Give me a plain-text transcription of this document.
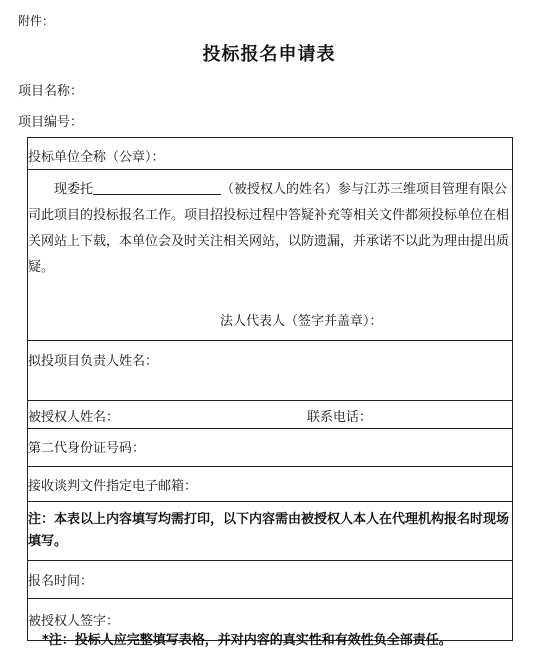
附件：
投标报名申请表
项目名称：
项目编号：
投标单位全称（公章）：
现委托	（被授权人的姓名）参与江苏三维项目管理有限公司此项目的投标报名工作。项目招投标过程中答疑补充等相关文件都须投标单位在相关网站上下载，本单位会及时关注相关网站，以防遗漏，并承诺不以此为理由提出质疑。
法人代表人（签字并盖章）：
拟投项目负责人姓名：
被授权人姓名：	联系电话：
第二代身份证号码：
接收谈判文件指定电子邮箱：
注：本表以上内容填写均需打印，以下内容需由被授权人本人在代理机构报名时现场填写。
报名时间：
被授权人签字：
*注：投标人应完整填写表格，并对内容的真实性和有效性负全部责任。
